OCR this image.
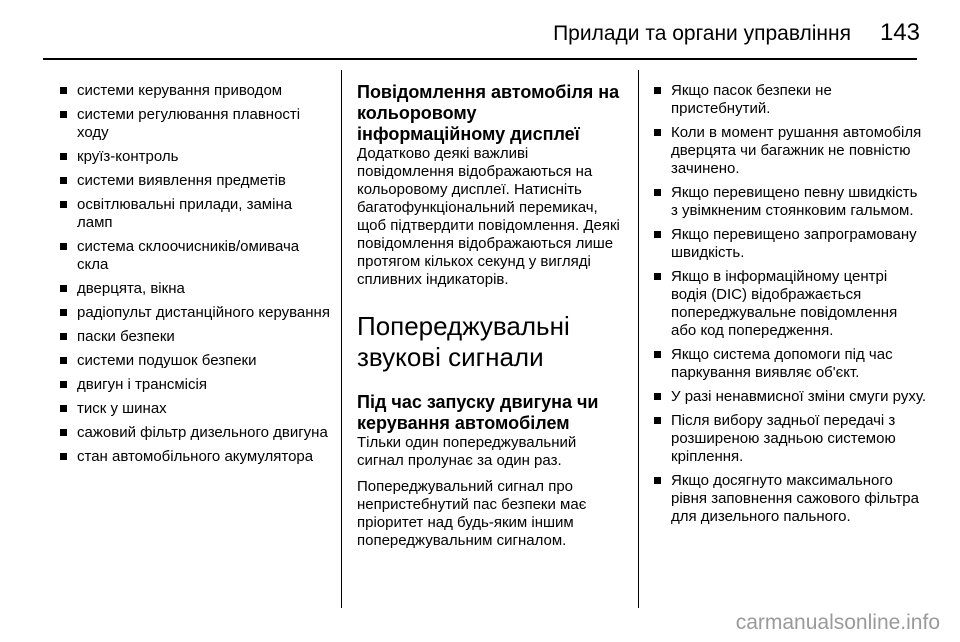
Прилади та органи управління 143
системи керування приводом
системи регулювання плавності ходу
круїз-контроль
системи виявлення предметів
освітлювальні прилади, заміна ламп
система склоочисників/омивача скла
дверцята, вікна
радіопульт дистанційного керування
паски безпеки
системи подушок безпеки
двигун і трансмісія
тиск у шинах
сажовий фільтр дизельного двигуна
стан автомобільного акумулятора
Повідомлення автомобіля на кольоровому інформаційному дисплеї

Додатково деякі важливі повідомлення відображаються на кольоровому дисплеї. Натисніть багатофункціональний перемикач, щоб підтвердити повідомлення. Деякі повідомлення відображаються лише протягом кількох секунд у вигляді спливних індикаторів.

Попереджувальні звукові сигнали
Під час запуску двигуна чи керування автомобілем

Тільки один попереджувальний сигнал пролунає за один раз.

Попереджувальний сигнал про непристебнутий пас безпеки має пріоритет над будь-яким іншим попереджувальним сигналом.

Якщо пасок безпеки не пристебнутий.
Коли в момент рушання автомобіля дверцята чи багажник не повністю зачинено.
Якщо перевищено певну швидкість з увімкненим стоянковим гальмом.
Якщо перевищено запрограмовану швидкість.
Якщо в інформаційному центрі водія (DIC) відображається попереджувальне повідомлення або код попередження.
Якщо система допомоги під час паркування виявляє об'єкт.
У разі ненавмисної зміни смуги руху.
Після вибору задньої передачі з розширеною задньою системою кріплення.
Якщо досягнуто максимального рівня заповнення сажового фільтра для дизельного пального.
carmanualsonline.info
